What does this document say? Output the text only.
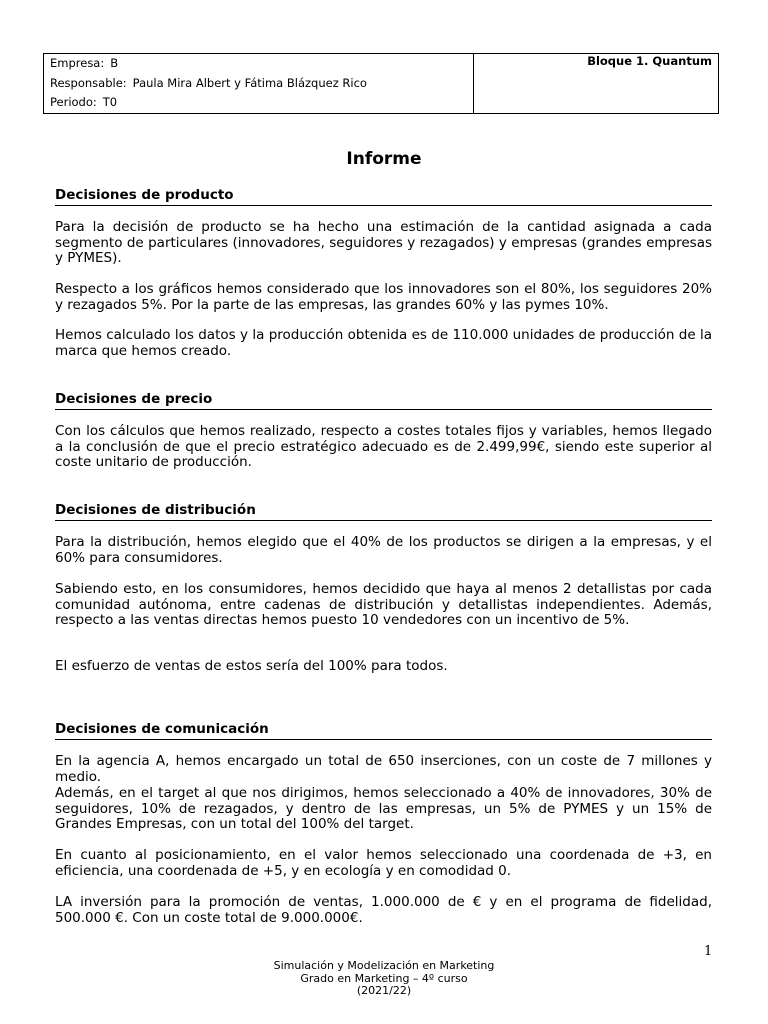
Empresa: B
Responsable: Paula Mira Albert y Fátima Blázquez Rico
Periodo: T0
Bloque 1. Quantum
Informe
Decisiones de producto

Para la decisión de producto se ha hecho una estimación de la cantidad asignada a cada segmento de particulares (innovadores, seguidores y rezagados) y empresas (grandes empresas y PYMES).

Respecto a los gráficos hemos considerado que los innovadores son el 80%, los seguidores 20% y rezagados 5%. Por la parte de las empresas, las grandes 60% y las pymes 10%.

Hemos calculado los datos y la producción obtenida es de 110.000 unidades de producción de la marca que hemos creado.

Decisiones de precio

Con los cálculos que hemos realizado, respecto a costes totales fijos y variables, hemos llegado a la conclusión de que el precio estratégico adecuado es de 2.499,99€, siendo este superior al coste unitario de producción.

Decisiones de distribución

Para la distribución, hemos elegido que el 40% de los productos se dirigen a la empresas, y el 60% para consumidores.

Sabiendo esto, en los consumidores, hemos decidido que haya al menos 2 detallistas por cada comunidad autónoma, entre cadenas de distribución y detallistas independientes. Además, respecto a las ventas directas hemos puesto 10 vendedores con un incentivo de 5%.

El esfuerzo de ventas de estos sería del 100% para todos.

Decisiones de comunicación

En la agencia A, hemos encargado un total de 650 inserciones, con un coste de 7 millones y medio.

Además, en el target al que nos dirigimos, hemos seleccionado a 40% de innovadores, 30% de seguidores, 10% de rezagados, y dentro de las empresas, un 5% de PYMES y un 15% de Grandes Empresas, con un total del 100% del target.

En cuanto al posicionamiento, en el valor hemos seleccionado una coordenada de +3, en eficiencia, una coordenada de +5, y en ecología y en comodidad 0.

LA inversión para la promoción de ventas, 1.000.000 de € y en el programa de fidelidad, 500.000 €. Con un coste total de 9.000.000€.

1
Simulación y Modelización en Marketing
Grado en Marketing – 4º curso
(2021/22)
